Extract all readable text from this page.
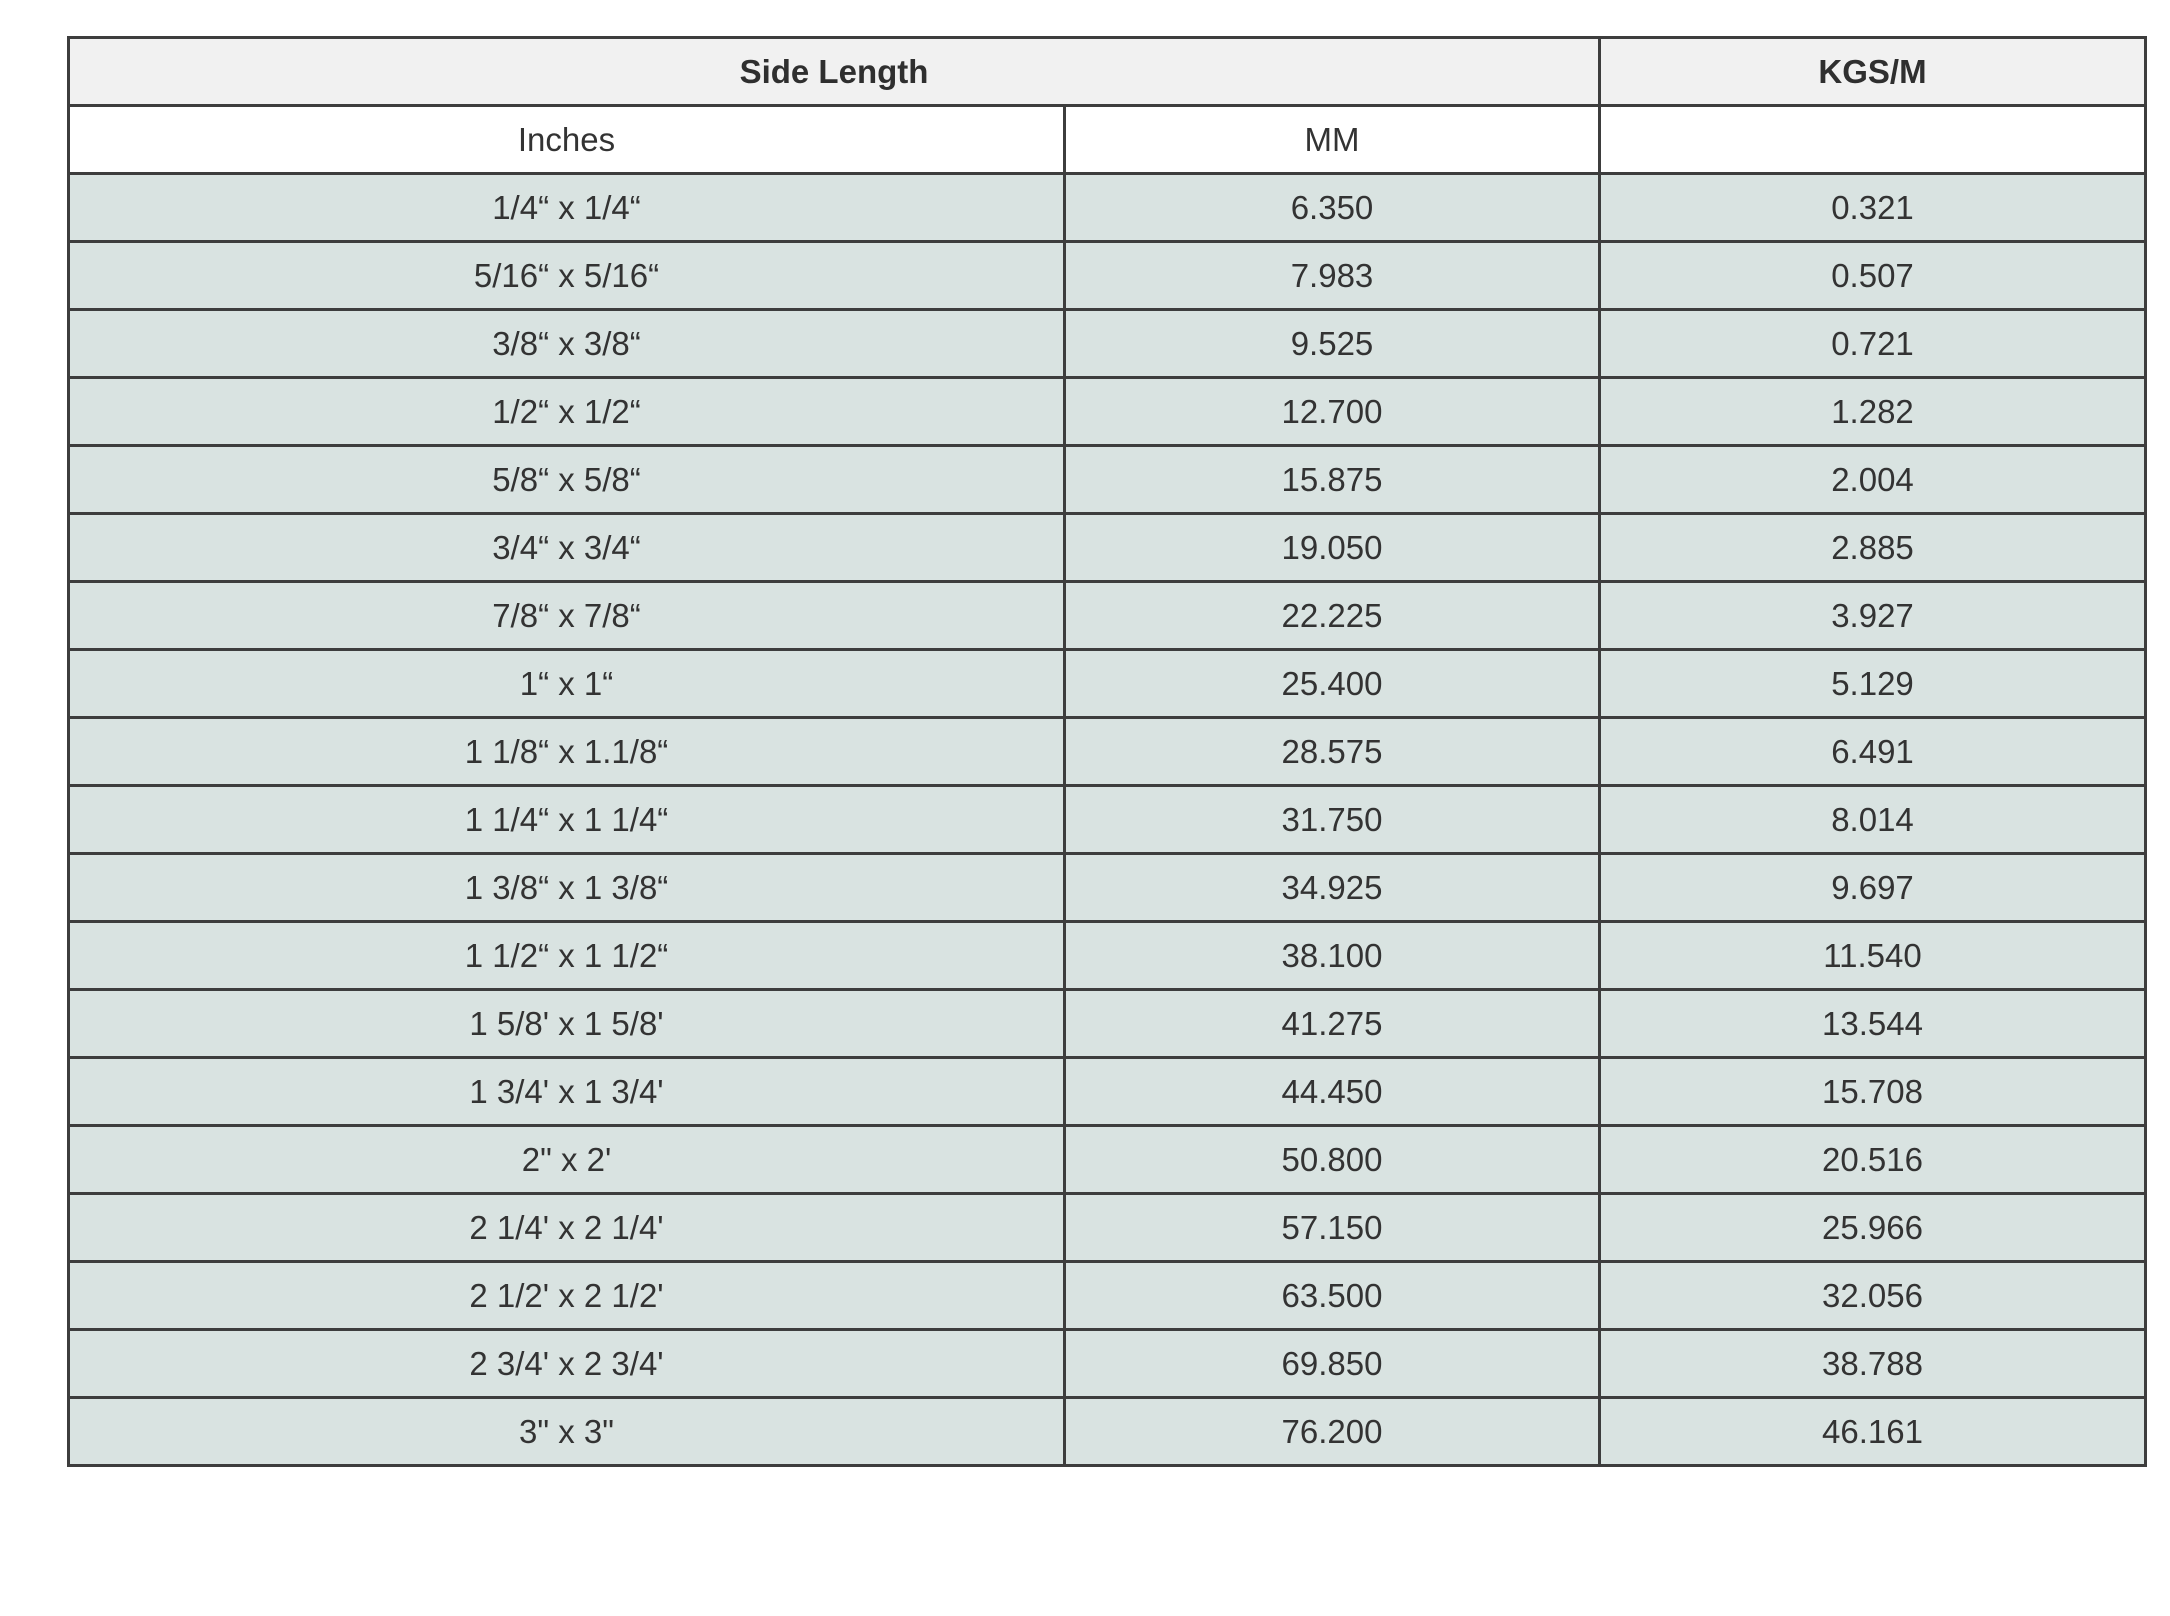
Side Length		KGS/M
Inches	MM	
1/4“ x 1/4“	6.350	0.321
5/16“ x 5/16“	7.983	0.507
3/8“ x 3/8“	9.525	0.721
1/2“ x 1/2“	12.700	1.282
5/8“ x 5/8“	15.875	2.004
3/4“ x 3/4“	19.050	2.885
7/8“ x 7/8“	22.225	3.927
1“ x 1“	25.400	5.129
1 1/8“ x 1.1/8“	28.575	6.491
1 1/4“ x 1 1/4“	31.750	8.014
1 3/8“ x 1 3/8“	34.925	9.697
1 1/2“ x 1 1/2“	38.100	11.540
1 5/8' x 1 5/8'	41.275	13.544
1 3/4' x 1 3/4'	44.450	15.708
2" x 2'	50.800	20.516
2 1/4' x 2 1/4'	57.150	25.966
2 1/2' x 2 1/2'	63.500	32.056
2 3/4' x 2 3/4'	69.850	38.788
3" x 3"	76.200	46.161
